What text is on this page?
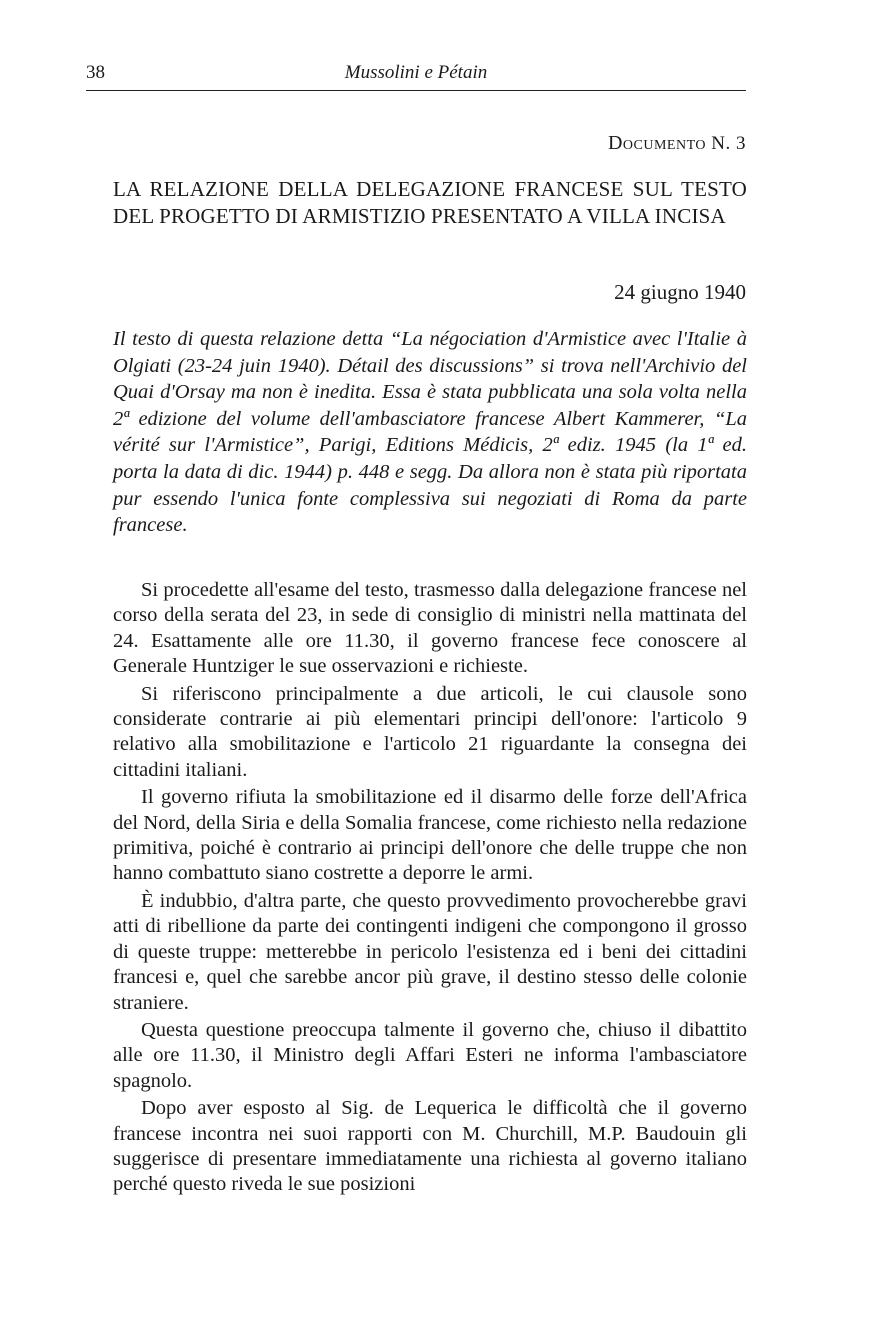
38	Mussolini e Pétain
Documento N. 3
LA RELAZIONE DELLA DELEGAZIONE FRANCESE SUL TESTO DEL PROGETTO DI ARMISTIZIO PRESENTATO A VILLA INCISA
24 giugno 1940

Il testo di questa relazione detta “La négociation d'Armistice avec l'Italie à Olgiati (23-24 juin 1940). Détail des discussions” si trova nell'Archivio del Quai d'Orsay ma non è inedita. Essa è stata pubblicata una sola volta nella 2ª edizione del volume dell'ambasciatore francese Albert Kammerer, “La vérité sur l'Armistice”, Parigi, Editions Médicis, 2ª ediz. 1945 (la 1ª ed. porta la data di dic. 1944) p. 448 e segg. Da allora non è stata più riportata pur essendo l'unica fonte complessiva sui negoziati di Roma da parte francese.

Si procedette all'esame del testo, trasmesso dalla delegazione francese nel corso della serata del 23, in sede di consiglio di ministri nella mattinata del 24. Esattamente alle ore 11.30, il governo francese fece conoscere al Generale Huntziger le sue osservazioni e richieste.

Si riferiscono principalmente a due articoli, le cui clausole sono considerate contrarie ai più elementari principi dell'onore: l'articolo 9 relativo alla smobilitazione e l'articolo 21 riguardante la consegna dei cittadini italiani.

Il governo rifiuta la smobilitazione ed il disarmo delle forze dell'Africa del Nord, della Siria e della Somalia francese, come richiesto nella redazione primitiva, poiché è contrario ai principi dell'onore che delle truppe che non hanno combattuto siano costrette a deporre le armi.

È indubbio, d'altra parte, che questo provvedimento provocherebbe gravi atti di ribellione da parte dei contingenti indigeni che compongono il grosso di queste truppe: metterebbe in pericolo l'esistenza ed i beni dei cittadini francesi e, quel che sarebbe ancor più grave, il destino stesso delle colonie straniere.

Questa questione preoccupa talmente il governo che, chiuso il dibattito alle ore 11.30, il Ministro degli Affari Esteri ne informa l'ambasciatore spagnolo.

Dopo aver esposto al Sig. de Lequerica le difficoltà che il governo francese incontra nei suoi rapporti con M. Churchill, M.P. Baudouin gli suggerisce di presentare immediatamente una richiesta al governo italiano perché questo riveda le sue posizioni
